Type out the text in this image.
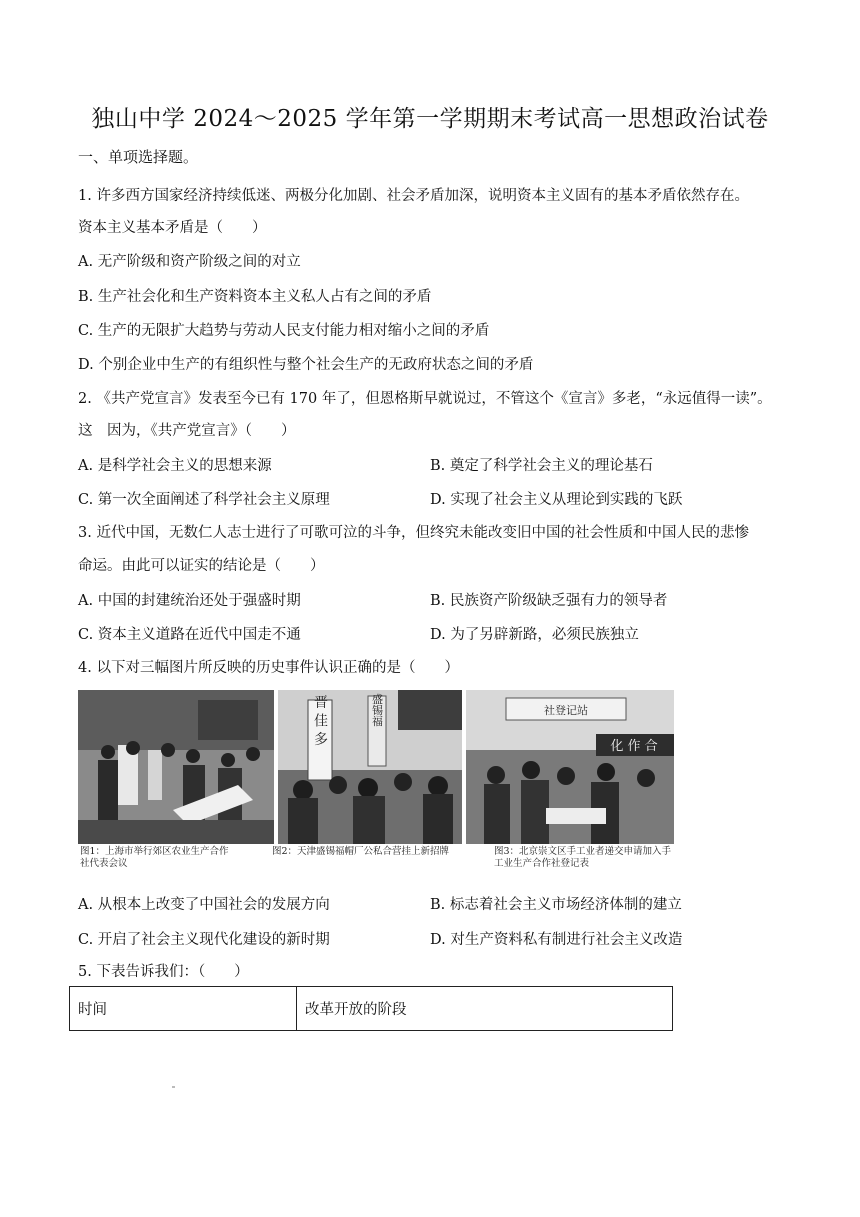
独山中学 2024～2025 学年第一学期期末考试高一思想政治试卷
一、单项选择题。
1. 许多西方国家经济持续低迷、两极分化加剧、社会矛盾加深，说明资本主义固有的基本矛盾依然存在。
资本主义基本矛盾是（　　）
A. 无产阶级和资产阶级之间的对立
B. 生产社会化和生产资料资本主义私人占有之间的矛盾
C. 生产的无限扩大趋势与劳动人民支付能力相对缩小之间的矛盾
D. 个别企业中生产的有组织性与整个社会生产的无政府状态之间的矛盾
2. 《共产党宣言》发表至今已有 170 年了，但恩格斯早就说过，不管这个《宣言》多老，“永远值得一读”。
这　因为，《共产党宣言》（　　）
A. 是科学社会主义的思想来源	B. 奠定了科学社会主义的理论基石
C. 第一次全面阐述了科学社会主义原理	D. 实现了社会主义从理论到实践的飞跃
3. 近代中国，无数仁人志士进行了可歌可泣的斗争，但终究未能改变旧中国的社会性质和中国人民的悲惨
命运。由此可以证实的结论是（　　）
A. 中国的封建统治还处于强盛时期	B. 民族资产阶级缺乏强有力的领导者
C. 资本主义道路在近代中国走不通	D. 为了另辟新路，必须民族独立
4. 以下对三幅图片所反映的历史事件认识正确的是（　　）
晋 佳 多	盛锡福	社登记站
化 作 合
图1：上海市举行郊区农业生产合作社代表会议
图2：天津盛锡福帽厂公私合营挂上新招牌	图3：北京崇文区手工业者递交申请加入手工业生产合作社登记表
A. 从根本上改变了中国社会的发展方向	B. 标志着社会主义市场经济体制的建立
C. 开启了社会主义现代化建设的新时期	D. 对生产资料私有制进行社会主义改造
5. 下表告诉我们：（　　）
时间	改革开放的阶段
